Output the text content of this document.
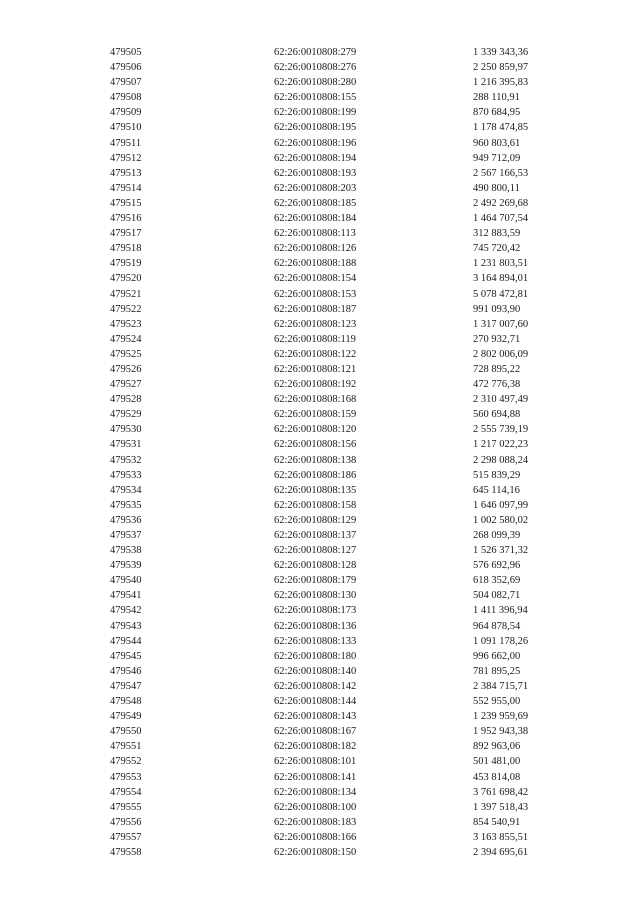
479505	62:26:0010808:279	1 339 343,36
479506	62:26:0010808:276	2 250 859,97
479507	62:26:0010808:280	1 216 395,83
479508	62:26:0010808:155	288 110,91
479509	62:26:0010808:199	870 684,95
479510	62:26:0010808:195	1 178 474,85
479511	62:26:0010808:196	960 803,61
479512	62:26:0010808:194	949 712,09
479513	62:26:0010808:193	2 567 166,53
479514	62:26:0010808:203	490 800,11
479515	62:26:0010808:185	2 492 269,68
479516	62:26:0010808:184	1 464 707,54
479517	62:26:0010808:113	312 883,59
479518	62:26:0010808:126	745 720,42
479519	62:26:0010808:188	1 231 803,51
479520	62:26:0010808:154	3 164 894,01
479521	62:26:0010808:153	5 078 472,81
479522	62:26:0010808:187	991 093,90
479523	62:26:0010808:123	1 317 007,60
479524	62:26:0010808:119	270 932,71
479525	62:26:0010808:122	2 802 006,09
479526	62:26:0010808:121	728 895,22
479527	62:26:0010808:192	472 776,38
479528	62:26:0010808:168	2 310 497,49
479529	62:26:0010808:159	560 694,88
479530	62:26:0010808:120	2 555 739,19
479531	62:26:0010808:156	1 217 022,23
479532	62:26:0010808:138	2 298 088,24
479533	62:26:0010808:186	515 839,29
479534	62:26:0010808:135	645 114,16
479535	62:26:0010808:158	1 646 097,99
479536	62:26:0010808:129	1 002 580,02
479537	62:26:0010808:137	268 099,39
479538	62:26:0010808:127	1 526 371,32
479539	62:26:0010808:128	576 692,96
479540	62:26:0010808:179	618 352,69
479541	62:26:0010808:130	504 082,71
479542	62:26:0010808:173	1 411 396,94
479543	62:26:0010808:136	964 878,54
479544	62:26:0010808:133	1 091 178,26
479545	62:26:0010808:180	996 662,00
479546	62:26:0010808:140	781 895,25
479547	62:26:0010808:142	2 384 715,71
479548	62:26:0010808:144	552 955,00
479549	62:26:0010808:143	1 239 959,69
479550	62:26:0010808:167	1 952 943,38
479551	62:26:0010808:182	892 963,06
479552	62:26:0010808:101	501 481,00
479553	62:26:0010808:141	453 814,08
479554	62:26:0010808:134	3 761 698,42
479555	62:26:0010808:100	1 397 518,43
479556	62:26:0010808:183	854 540,91
479557	62:26:0010808:166	3 163 855,51
479558	62:26:0010808:150	2 394 695,61
